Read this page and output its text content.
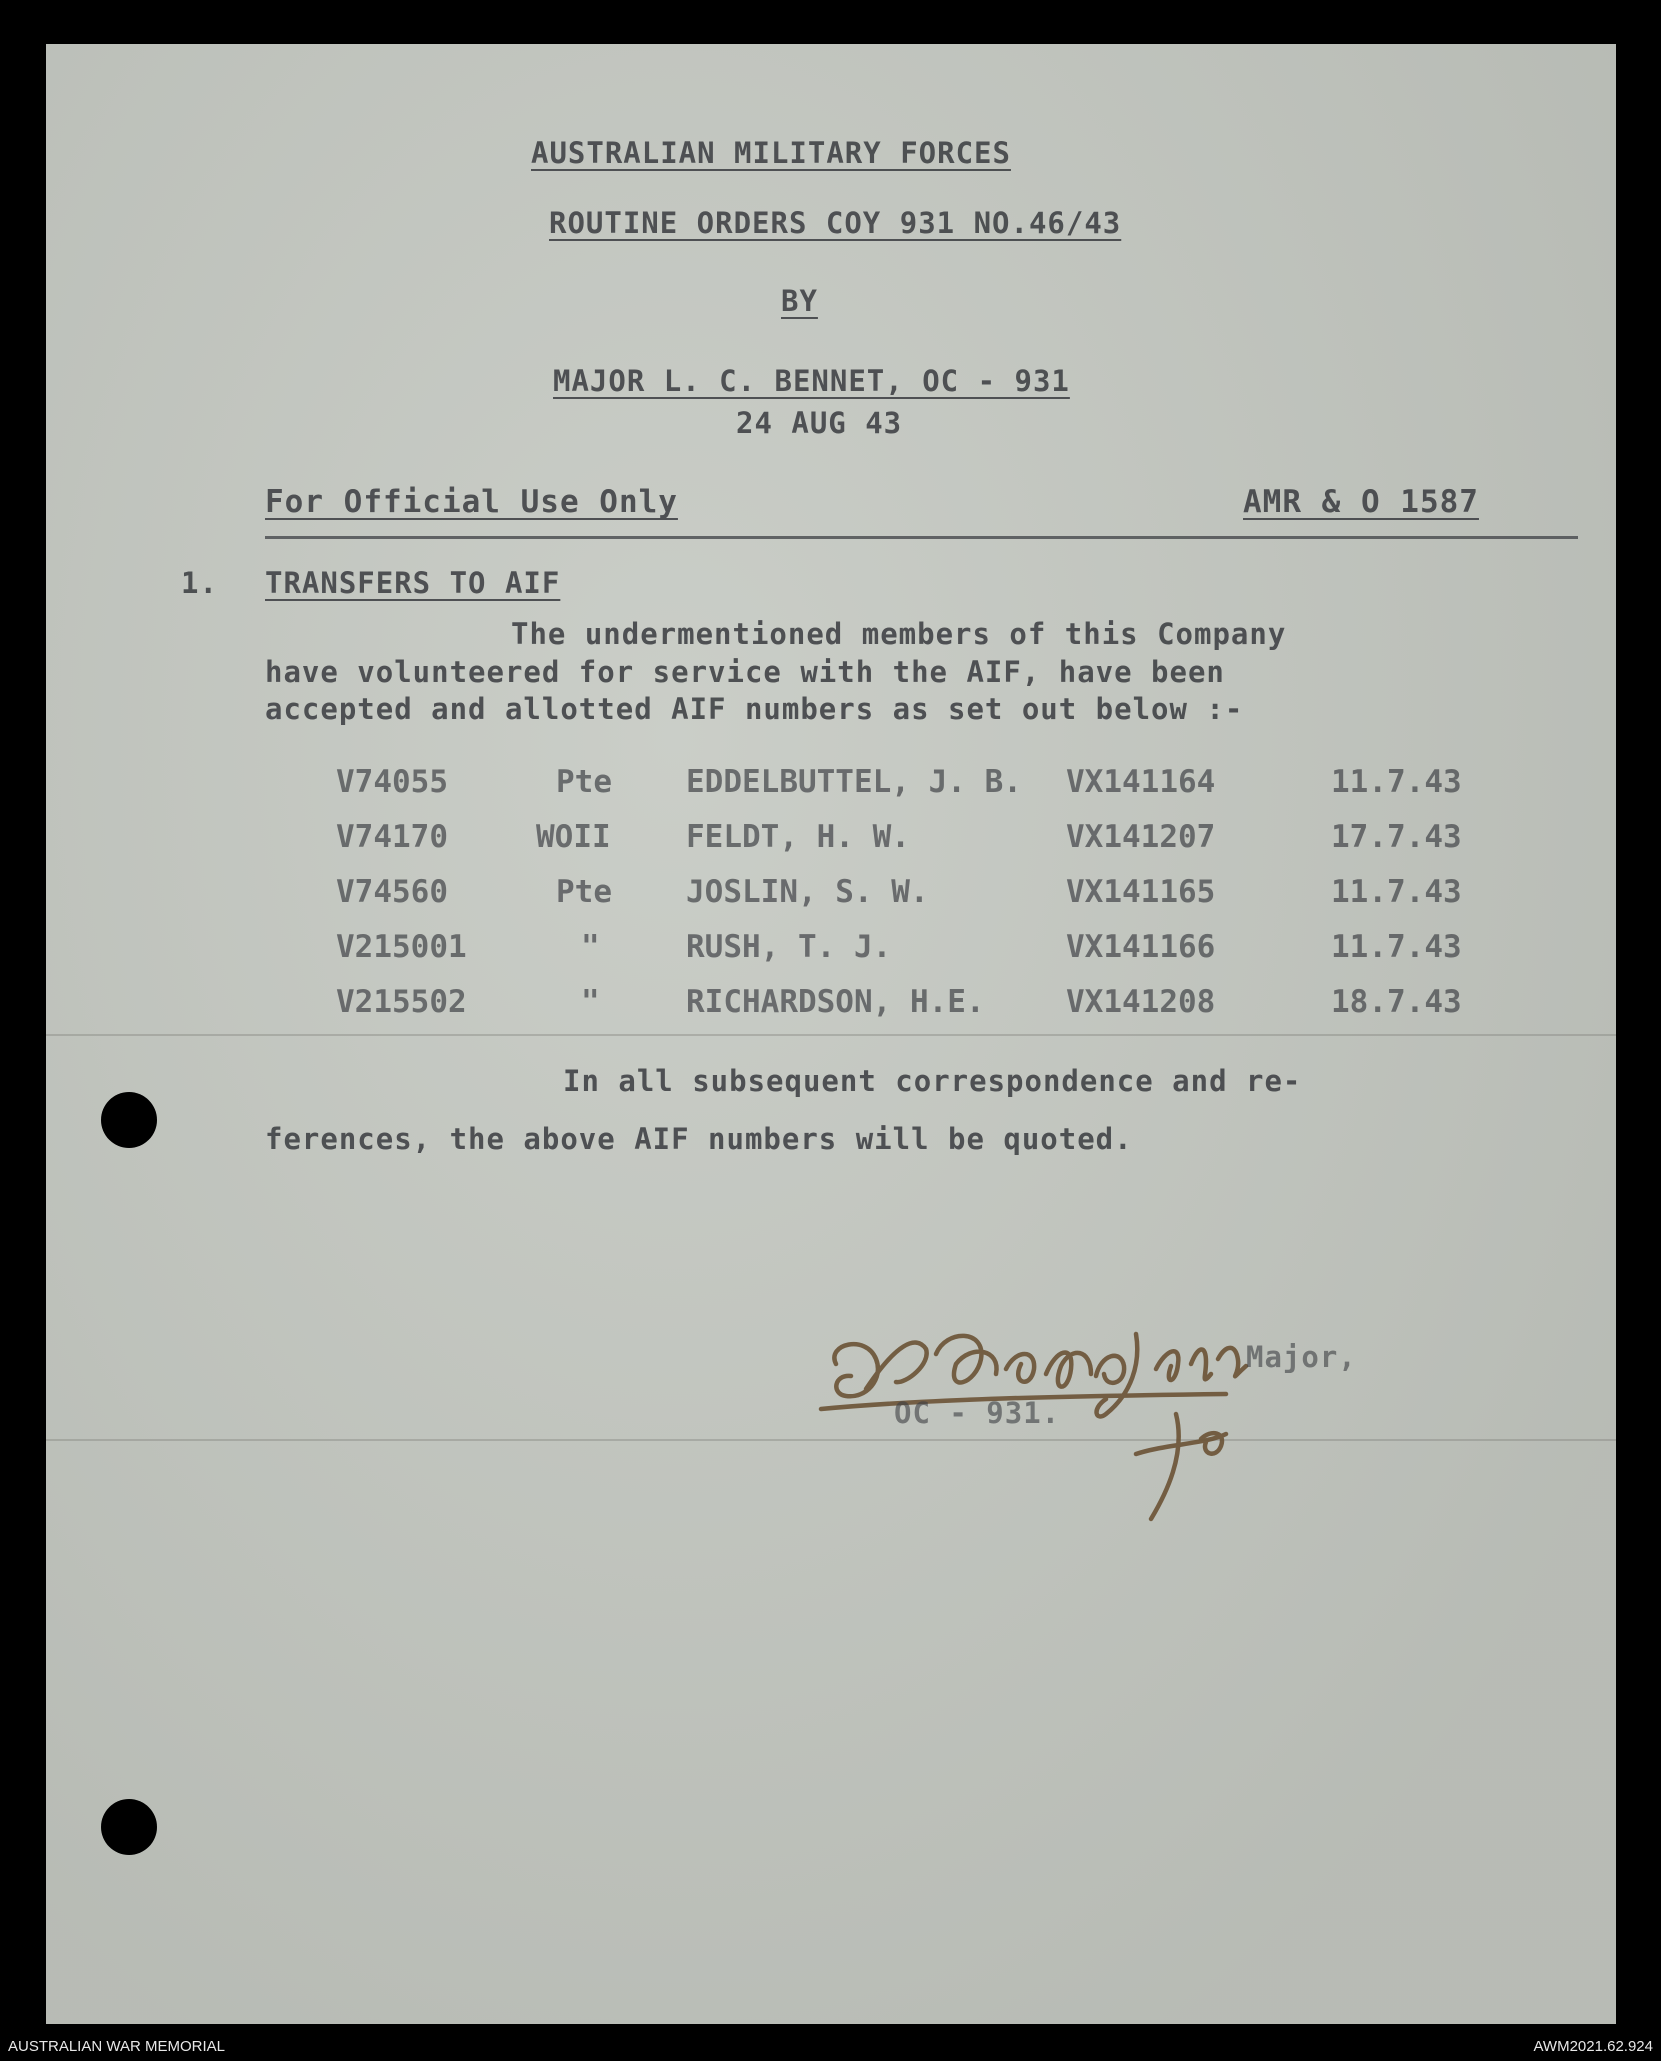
AUSTRALIAN MILITARY FORCES
ROUTINE ORDERS COY 931 NO.46/43
BY
MAJOR L. C. BENNET, OC - 931
24 AUG 43
For Official Use Only	AMR & O 1587
1. TRANSFERS TO AIF
The undermentioned members of this Company
have volunteered for service with the AIF, have been
accepted and allotted AIF numbers as set out below :-
V74055	Pte EDDELBUTTEL, J. B. VX141164	11.7.43
V74170	WOII FELDT, H. W.	VX141207	17.7.43
V74560	Pte JOSLIN, S. W.	VX141165	11.7.43
V215001	"	RUSH, T. J.	VX141166	11.7.43
V215502	"	RICHARDSON, H.E.	VX141208	18.7.43
In all subsequent correspondence and re-
ferences, the above AIF numbers will be quoted.
Major,
OC - 931.
AUSTRALIAN WAR MEMORIAL	AWM2021.62.924
